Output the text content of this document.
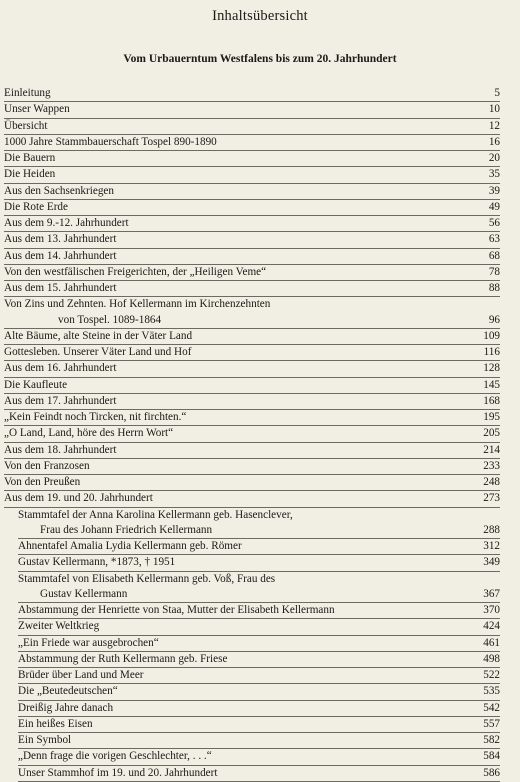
Inhaltsübersicht
Vom Urbauerntum Westfalens bis zum 20. Jahrhundert
Einleitung	5
Unser Wappen	10
Übersicht	12
1000 Jahre Stammbauerschaft Tospel 890-1890	16
Die Bauern	20
Die Heiden	35
Aus den Sachsenkriegen	39
Die Rote Erde	49
Aus dem 9.-12. Jahrhundert	56
Aus dem 13. Jahrhundert	63
Aus dem 14. Jahrhundert	68
Von den westfälischen Freigerichten, der „Heiligen Veme“	78
Aus dem 15. Jahrhundert	88
Von Zins und Zehnten. Hof Kellermann im Kirchenzehnten
von Tospel. 1089-1864	96
Alte Bäume, alte Steine in der Väter Land	109
Gottesleben. Unserer Väter Land und Hof	116
Aus dem 16. Jahrhundert	128
Die Kaufleute	145
Aus dem 17. Jahrhundert	168
„Kein Feindt noch Tircken, nit firchten.“	195
„O Land, Land, höre des Herrn Wort“	205
Aus dem 18. Jahrhundert	214
Von den Franzosen	233
Von den Preußen	248
Aus dem 19. und 20. Jahrhundert	273
Stammtafel der Anna Karolina Kellermann geb. Hasenclever,
Frau des Johann Friedrich Kellermann	288
Ahnentafel Amalia Lydia Kellermann geb. Römer	312
Gustav Kellermann, *1873, † 1951	349
Stammtafel von Elisabeth Kellermann geb. Voß, Frau des
Gustav Kellermann	367
Abstammung der Henriette von Staa, Mutter der Elisabeth Kellermann	370
Zweiter Weltkrieg	424
„Ein Friede war ausgebrochen“	461
Abstammung der Ruth Kellermann geb. Friese	498
Brüder über Land und Meer	522
Die „Beutedeutschen“	535
Dreißig Jahre danach	542
Ein heißes Eisen	557
Ein Symbol	582
„Denn frage die vorigen Geschlechter, . . .“	584
Unser Stammhof im 19. und 20. Jahrhundert	586
